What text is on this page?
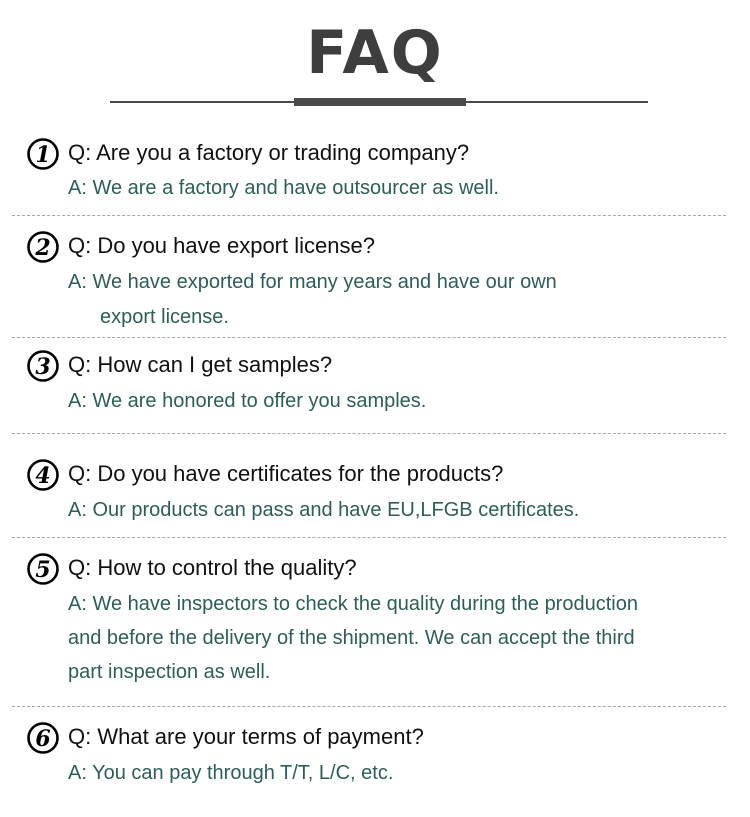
FAQ
1 Q: Are you a factory or trading company?
A: We are a factory and have outsourcer as well.
2 Q: Do you have export license?
A: We have exported for many years and have our own
export license.
3 Q: How can I get samples?
A: We are honored to offer you samples.
4 Q: Do you have certificates for the products?
A: Our products can pass and have EU,LFGB certificates.
5 Q: How to control the quality?
A: We have inspectors to check the quality during the production
and before the delivery of the shipment. We can accept the third
part inspection as well.
6 Q: What are your terms of payment?
A: You can pay through T/T, L/C, etc.
